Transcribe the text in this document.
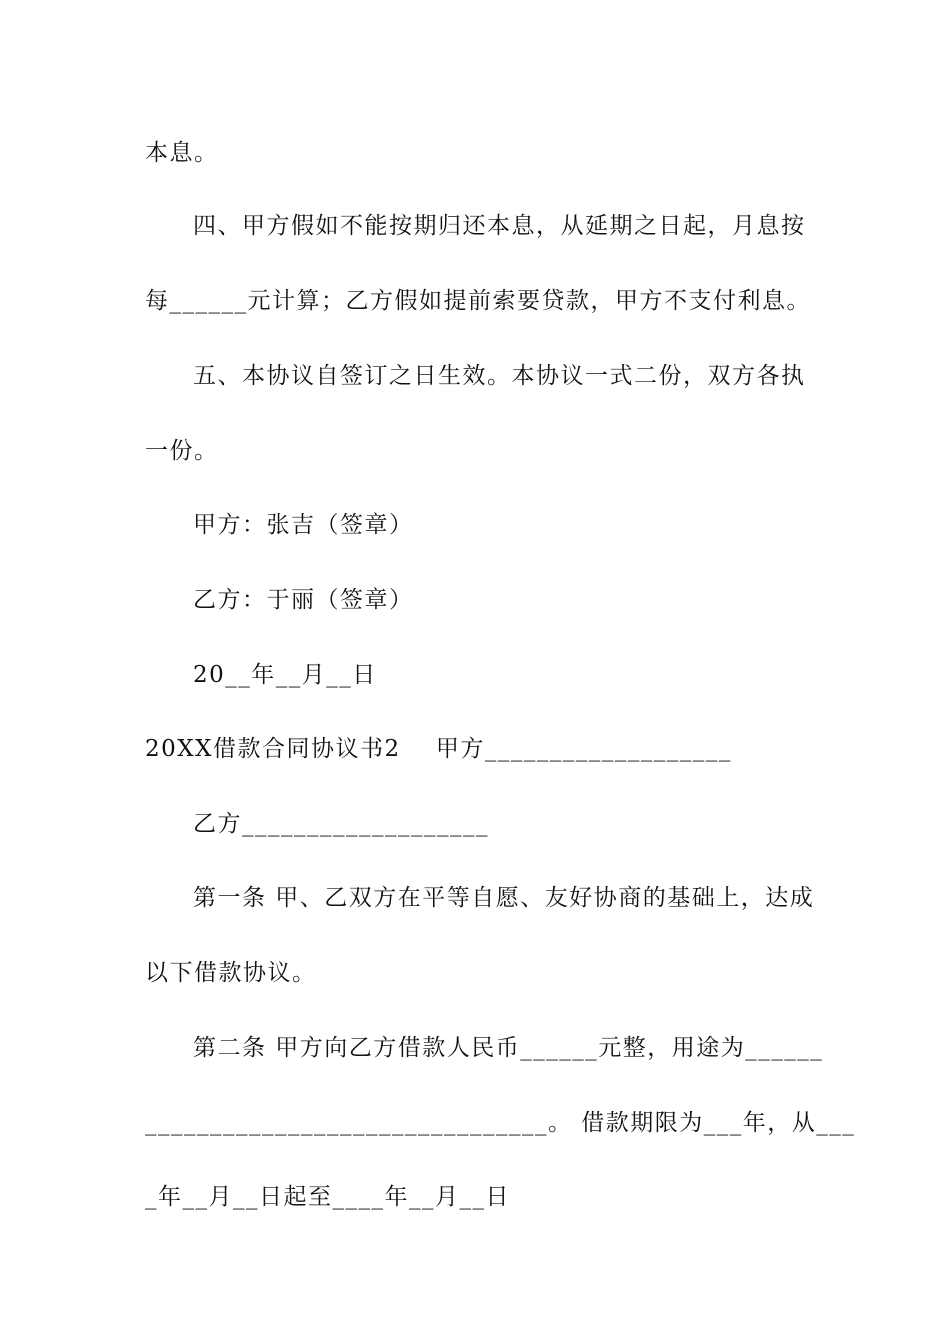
本息。
四、甲方假如不能按期归还本息，从延期之日起，月息按
每______元计算；乙方假如提前索要贷款，甲方不支付利息。
五、本协议自签订之日生效。本协议一式二份，双方各执
一份。
甲方：张吉（签章）
乙方：于丽（签章）
20__年__月__日
20XX借款合同协议书2    甲方___________________
乙方___________________
第一条 甲、乙双方在平等自愿、友好协商的基础上，达成
以下借款协议。
第二条 甲方向乙方借款人民币______元整，用途为______
_______________________________。 借款期限为___年，从___
_年__月__日起至____年__月__日
